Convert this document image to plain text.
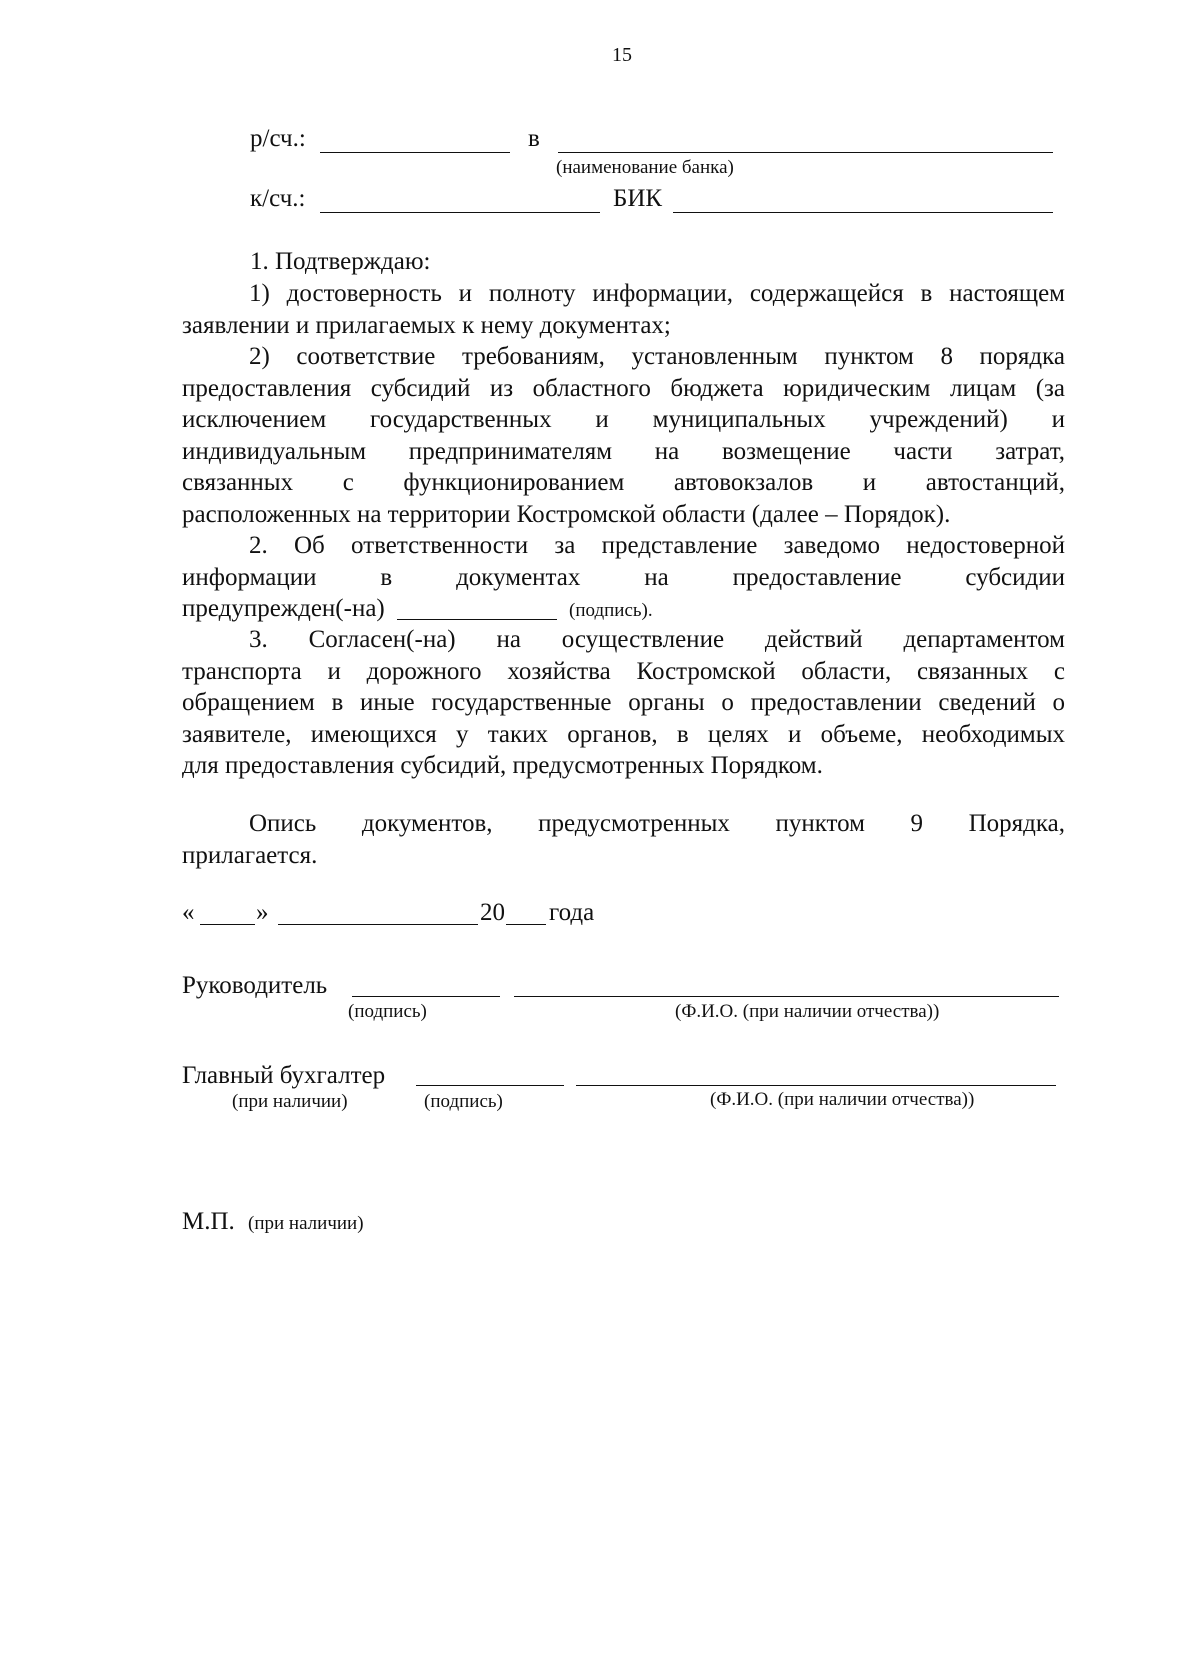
15
р/сч.:	в
(наименование банка)
к/сч.:	БИК
1. Подтверждаю:
1) достоверность и полноту информации, содержащейся в настоящем
заявлении и прилагаемых к нему документах;
2) соответствие требованиям, установленным пунктом 8 порядка
предоставления субсидий из областного бюджета юридическим лицам (за
исключением государственных и муниципальных учреждений) и
индивидуальным предпринимателям на возмещение части затрат,
связанных с функционированием автовокзалов и автостанций,
расположенных на территории Костромской области (далее – Порядок).
2. Об ответственности за представление заведомо недостоверной
информации в документах на предоставление субсидии
предупрежден(-на)	(подпись).
3. Согласен(-на) на осуществление действий департаментом
транспорта и дорожного хозяйства Костромской области, связанных с
обращением в иные государственные органы о предоставлении сведений о
заявителе, имеющихся у таких органов, в целях и объеме, необходимых
для предоставления субсидий, предусмотренных Порядком.
Опись документов, предусмотренных пунктом 9 Порядка,
прилагается.
« »	20 года
Руководитель
(подпись)	(Ф.И.О. (при наличии отчества))
Главный бухгалтер
(при наличии)	(подпись)	(Ф.И.О. (при наличии отчества))
М.П. (при наличии)
